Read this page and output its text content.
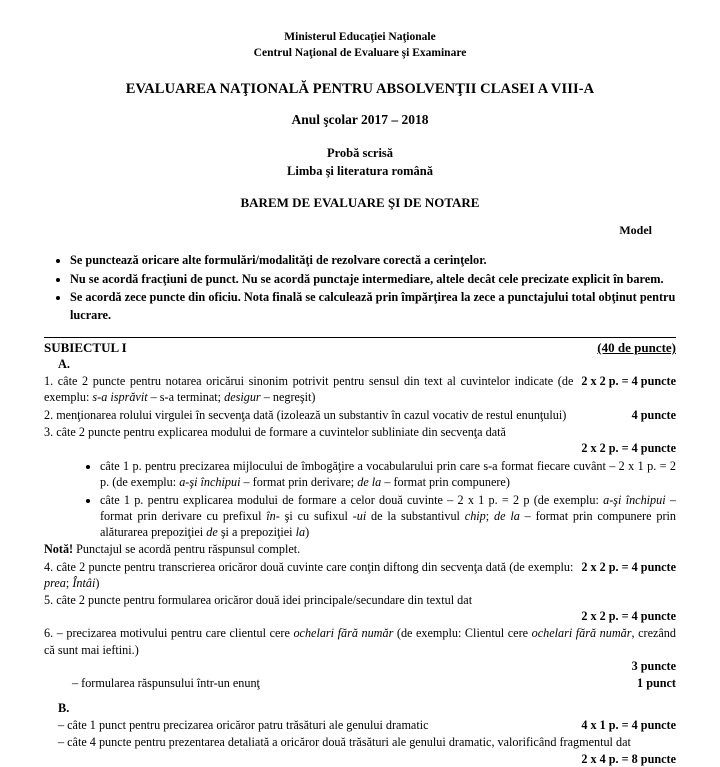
Ministerul Educaţiei Naţionale
Centrul Naţional de Evaluare şi Examinare
EVALUAREA NAŢIONALĂ PENTRU ABSOLVENŢII CLASEI A VIII-A
Anul şcolar 2017 – 2018
Probă scrisă
Limba şi literatura română
BAREM DE EVALUARE ŞI DE NOTARE
Model
• Se punctează oricare alte formulări/modalităţi de rezolvare corectă a cerinţelor.
• Nu se acordă fracţiuni de punct. Nu se acordă punctaje intermediare, altele decât cele precizate explicit în barem.
• Se acordă zece puncte din oficiu. Nota finală se calculează prin împărţirea la zece a punctajului total obţinut pentru lucrare.
SUBIECTUL I	(40 de puncte)
A.
2 x 2 p. = 4 puncte
1. câte 2 puncte pentru notarea oricărui sinonim potrivit pentru sensul din text al cuvintelor indicate (de exemplu: s-a isprăvit – s-a terminat; desigur – negreşit)
4 puncte
2. menţionarea rolului virgulei în secvenţa dată (izolează un substantiv în cazul vocativ de restul enunţului)
3. câte 2 puncte pentru explicarea modului de formare a cuvintelor subliniate din secvenţa dată
2 x 2 p. = 4 puncte
• câte 1 p. pentru precizarea mijlocului de îmbogăţire a vocabularului prin care s-a format fiecare cuvânt – 2 x 1 p. = 2 p. (de exemplu: a-şi închipui – format prin derivare; de la – format prin compunere)
• câte 1 p. pentru explicarea modului de formare a celor două cuvinte – 2 x 1 p. = 2 p (de exemplu: a-şi închipui – format prin derivare cu prefixul în- şi cu sufixul -ui de la substantivul chip; de la – format prin compunere prin alăturarea prepoziţiei de şi a prepoziţiei la)
Notă! Punctajul se acordă pentru răspunsul complet.
2 x 2 p. = 4 puncte
4. câte 2 puncte pentru transcrierea oricăror două cuvinte care conţin diftong din secvenţa dată (de exemplu: prea; Întâi)
5. câte 2 puncte pentru formularea oricăror două idei principale/secundare din textul dat
2 x 2 p. = 4 puncte
6. – precizarea motivului pentru care clientul cere ochelari fără număr (de exemplu: Clientul cere ochelari fără număr, crezând că sunt mai ieftini.)
3 puncte
1 punct
– formularea răspunsului într-un enunţ
B.
4 x 1 p. = 4 puncte
– câte 1 punct pentru precizarea oricăror patru trăsături ale genului dramatic
– câte 4 puncte pentru prezentarea detaliată a oricăror două trăsături ale genului dramatic, valorificând fragmentul dat
2 x 4 p. = 8 puncte
